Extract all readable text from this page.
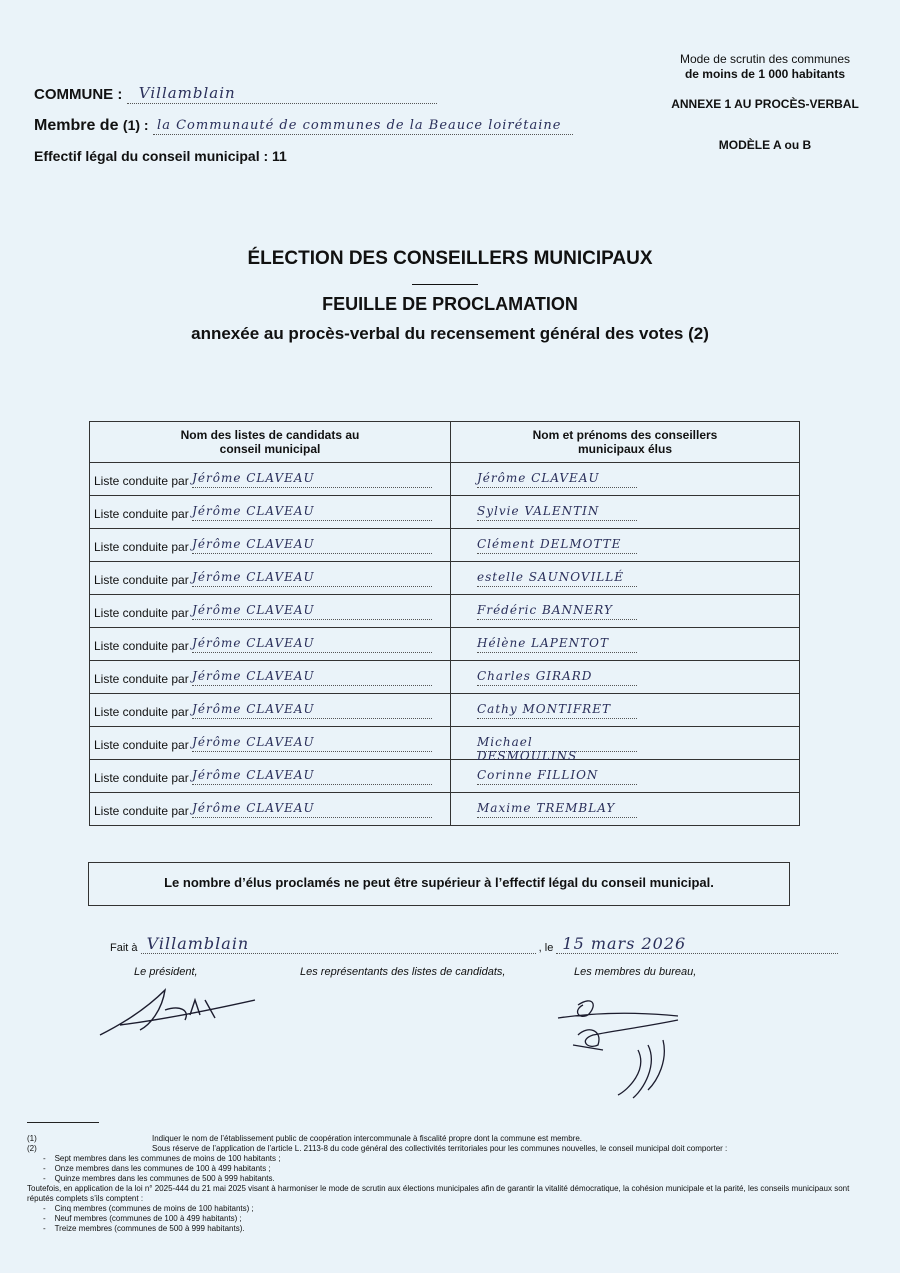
Mode de scrutin des communes
de moins de 1 000 habitants
ANNEXE 1 AU PROCÈS-VERBAL
MODÈLE A ou B
COMMUNE : Villamblain
Membre de (1) : la Communauté de communes de la Beauce loirétaine
Effectif légal du conseil municipal : 11
ÉLECTION DES CONSEILLERS MUNICIPAUX
FEUILLE DE PROCLAMATION
annexée au procès-verbal du recensement général des votes (2)
Nom des listes de candidats au conseil municipal	Nom et prénoms des conseillers municipaux élus

Liste conduite par Jérôme CLAVEAU	Jérôme CLAVEAU
Liste conduite par Jérôme CLAVEAU	Sylvie VALENTIN
Liste conduite par Jérôme CLAVEAU	Clément DELMOTTE
Liste conduite par Jérôme CLAVEAU	estelle SAUNOVILLÉ
Liste conduite par Jérôme CLAVEAU	Frédéric BANNERY
Liste conduite par Jérôme CLAVEAU	Hélène LAPENTOT
Liste conduite par Jérôme CLAVEAU	Charles GIRARD
Liste conduite par Jérôme CLAVEAU	Cathy MONTIFRET
Liste conduite par Jérôme CLAVEAU	Michael DESMOULINS
Liste conduite par Jérôme CLAVEAU	Corinne FILLION
Liste conduite par Jérôme CLAVEAU	Maxime TREMBLAY
Le nombre d’élus proclamés ne peut être supérieur à l’effectif légal du conseil municipal.
Fait à Villamblain	, le 15 mars 2026
Le président,	Les représentants des listes de candidats,	Les membres du bureau,
(1)	Indiquer le nom de l’établissement public de coopération intercommunale à fiscalité propre dont la commune est membre.
(2)	Sous réserve de l’application de l’article L. 2113-8 du code général des collectivités territoriales pour les communes nouvelles, le conseil municipal doit comporter :
-    Sept membres dans les communes de moins de 100 habitants ;
-    Onze membres dans les communes de 100 à 499 habitants ;
-    Quinze membres dans les communes de 500 à 999 habitants.
Toutefois, en application de la loi n° 2025-444 du 21 mai 2025 visant à harmoniser le mode de scrutin aux élections municipales afin de garantir la vitalité démocratique, la cohésion municipale et la parité, les conseils municipaux sont réputés complets s’ils comptent :
-    Cinq membres (communes de moins de 100 habitants) ;
-    Neuf membres (communes de 100 à 499 habitants) ;
-    Treize membres (communes de 500 à 999 habitants).
